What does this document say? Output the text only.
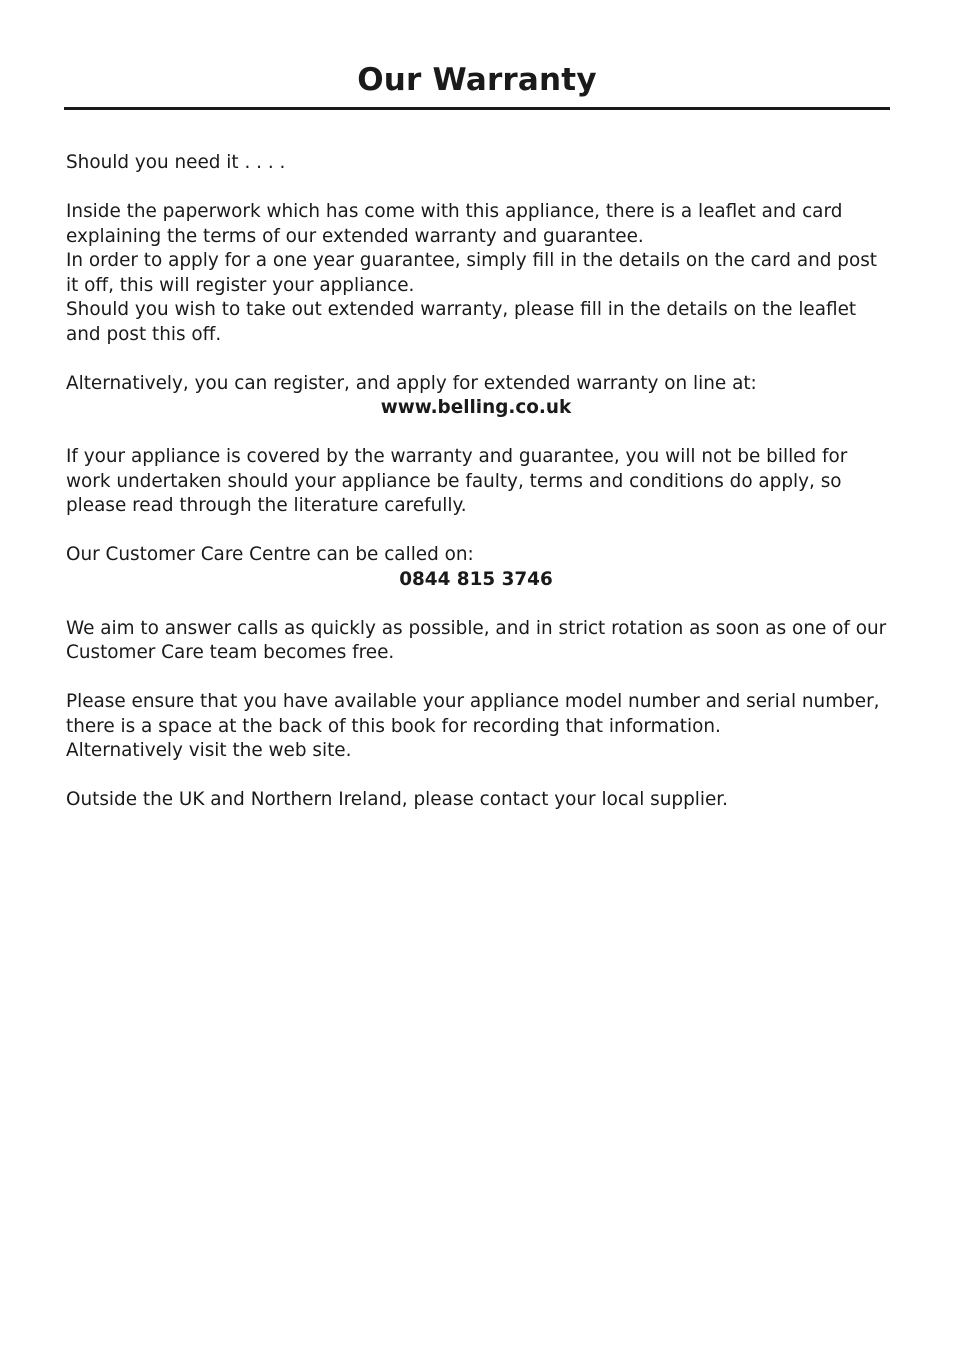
Our Warranty

Should you need it . . . .

Inside the paperwork which has come with this appliance, there is a leaflet and card

explaining the terms of our extended warranty and guarantee.

In order to apply for a one year guarantee, simply fill in the details on the card and post

it off, this will register your appliance.

Should you wish to take out extended warranty, please fill in the details on the leaflet

and post this off.

Alternatively, you can register, and apply for extended warranty on line at:

www.belling.co.uk

If your appliance is covered by the warranty and guarantee, you will not be billed for

work undertaken should your appliance be faulty, terms and conditions do apply, so

please read through the literature carefully.

Our Customer Care Centre can be called on:

0844 815 3746

We aim to answer calls as quickly as possible, and in strict rotation as soon as one of our

Customer Care team becomes free.

Please ensure that you have available your appliance model number and serial number,

there is a space at the back of this book for recording that information.

Alternatively visit the web site.

Outside the UK and Northern Ireland, please contact your local supplier.
